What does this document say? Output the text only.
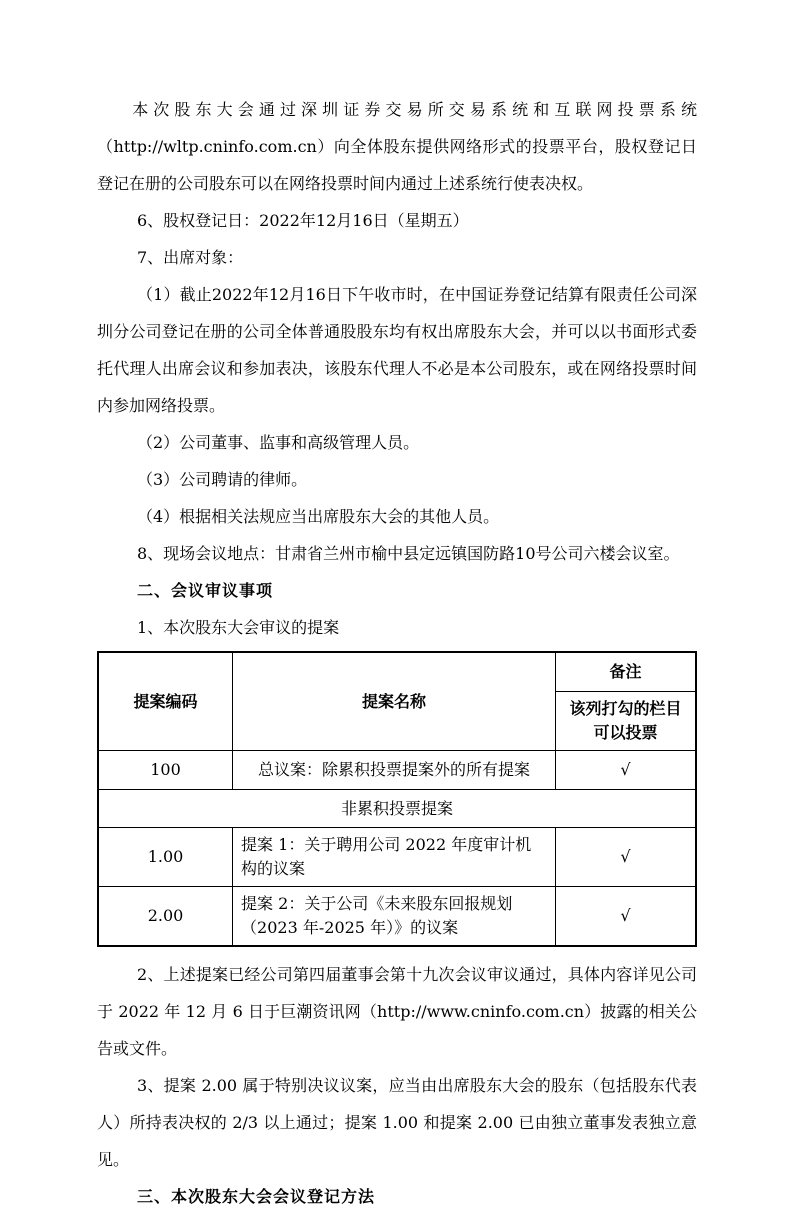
本次股东大会通过深圳证券交易所交易系统和互联网投票系统（http://wltp.cninfo.com.cn）向全体股东提供网络形式的投票平台，股权登记日登记在册的公司股东可以在网络投票时间内通过上述系统行使表决权。

6、股权登记日：2022年12月16日（星期五）

7、出席对象：

（1）截止2022年12月16日下午收市时，在中国证券登记结算有限责任公司深圳分公司登记在册的公司全体普通股股东均有权出席股东大会，并可以以书面形式委托代理人出席会议和参加表决，该股东代理人不必是本公司股东，或在网络投票时间内参加网络投票。

（2）公司董事、监事和高级管理人员。

（3）公司聘请的律师。

（4）根据相关法规应当出席股东大会的其他人员。

8、现场会议地点：甘肃省兰州市榆中县定远镇国防路10号公司六楼会议室。

二、会议审议事项

1、本次股东大会审议的提案

提案编码	提案名称	备注
		该列打勾的栏目可以投票
100	总议案：除累积投票提案外的所有提案	√
非累积投票提案		
1.00	提案 1：关于聘用公司 2022 年度审计机构的议案	√
2.00	提案 2：关于公司《未来股东回报规划（2023 年-2025 年）》的议案	√

2、上述提案已经公司第四届董事会第十九次会议审议通过，具体内容详见公司于 2022 年 12 月 6 日于巨潮资讯网（http://www.cninfo.com.cn）披露的相关公告或文件。

3、提案 2.00 属于特别决议议案，应当由出席股东大会的股东（包括股东代表人）所持表决权的 2/3 以上通过；提案 1.00 和提案 2.00 已由独立董事发表独立意见。

三、本次股东大会会议登记方法
